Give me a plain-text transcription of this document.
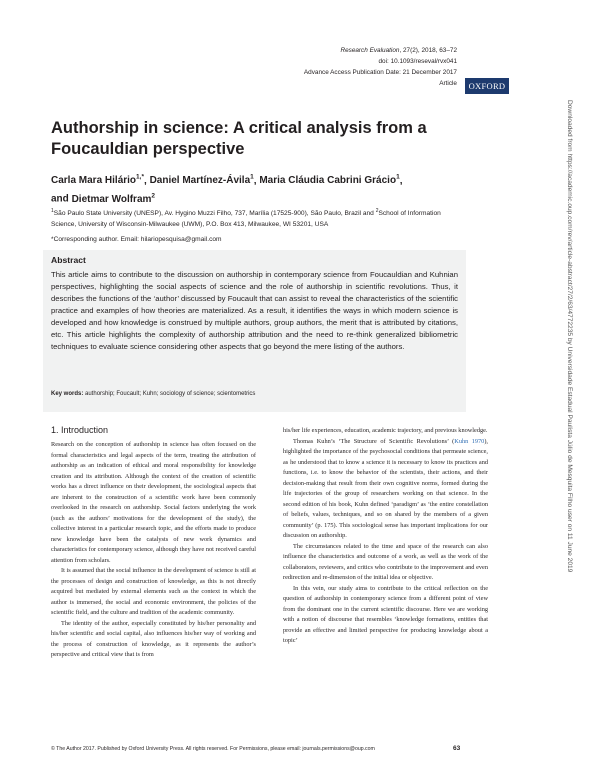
Research Evaluation, 27(2), 2018, 63–72
doi: 10.1093/reseval/rvx041
Advance Access Publication Date: 21 December 2017
Article	OXFORD
Authorship in science: A critical analysis from a Foucauldian perspective
Carla Mara Hilário$^{1,*}$, Daniel Martínez-Ávila$^1$, Maria Cláudia Cabrini Grácio$^1$,
and Dietmar Wolfram$^2$
$^1$São Paulo State University (UNESP), Av. Hygino Muzzi Filho, 737, Marília (17525-900), São Paulo, Brazil and $^2$School of Information Science, University of Wisconsin-Milwaukee (UWM), P.O. Box 413, Milwaukee, WI 53201, USA
*Corresponding author. Email: hilariopesquisa@gmail.com
Abstract
This article aims to contribute to the discussion on authorship in contemporary science from Foucauldian and Kuhnian perspectives, highlighting the social aspects of science and the role of authorship in scientific revolutions. Thus, it describes the functions of the ‘author’ discussed by Foucault that can assist to reveal the characteristics of the scientific practice and examples of how theories are materialized. As a result, it identifies the ways in which modern science is developed and how knowledge is construed by multiple authors, group authors, the merit that is attributed by citations, etc. This article highlights the complexity of authorship attribution and the need to re-think generalized bibliometric techniques to evaluate science considering other aspects that go beyond the mere listing of the authors.
Key words: authorship; Foucault; Kuhn; sociology of science; scientometrics
1. Introduction

Research on the conception of authorship in science has often focused on the formal characteristics and legal aspects of the term, treating the attribution of authorship as an indication of ethical and moral responsibility for knowledge creation and its attribution. Although the context of the creation of scientific works has a direct influence on their development, the sociological aspects that are inherent to the construction of a scientific work have been commonly overlooked in the research on authorship. Social factors underlying the work (such as the authors’ motivations for the development of the study), the collective interest in a particular research topic, and the efforts made to produce new knowledge have been the catalysts of new work dynamics and characteristics for contemporary science, although they have not received careful attention from scholars.

It is assumed that the social influence in the development of science is still at the processes of design and construction of knowledge, as this is not directly acquired but mediated by external elements such as the context in which the author is immersed, the social and economic environment, the policies of the scientific field, and the culture and tradition of the academic community.

The identity of the author, especially constituted by his/her personality and his/her scientific and social capital, also influences his/her way of working and the process of construction of knowledge, as it represents the author’s perspective and critical view that is from

his/her life experiences, education, academic trajectory, and previous knowledge.

Thomas Kuhn’s ‘The Structure of Scientific Revolutions’ (Kuhn 1970), highlighted the importance of the psychosocial conditions that permeate science, as he understood that to know a science it is necessary to know its practices and functions, i.e. to know the behavior of the scientists, their actions, and their decision-making that result from their own cognitive norms, formed during the life trajectories of the group of researchers working on that science. In the second edition of his book, Kuhn defined ‘paradigm’ as ‘the entire constellation of beliefs, values, techniques, and so on shared by the members of a given community’ (p. 175). This sociological sense has important implications for our discussion on authorship.

The circumstances related to the time and space of the research can also influence the characteristics and outcome of a work, as well as the work of the collaborators, reviewers, and critics who contribute to the improvement and even redirection and re-dimension of the initial idea or objective.

In this vein, our study aims to contribute to the critical reflection on the question of authorship in contemporary science from a different point of view from the dominant one in the current scientific discourse. Here we are working with a notion of discourse that resembles ‘knowledge formations, entities that provide an effective and limited perspective for producing knowledge about a topic’

© The Author 2017. Published by Oxford University Press. All rights reserved. For Permissions, please email: journals.permissions@oup.com	63
Downloaded from https://academic.oup.com/rev/article-abstract/27/2/63/4772235 by Universidade Estadual Paulista Júlio de Mesquita Filho user on 11 June 2019
